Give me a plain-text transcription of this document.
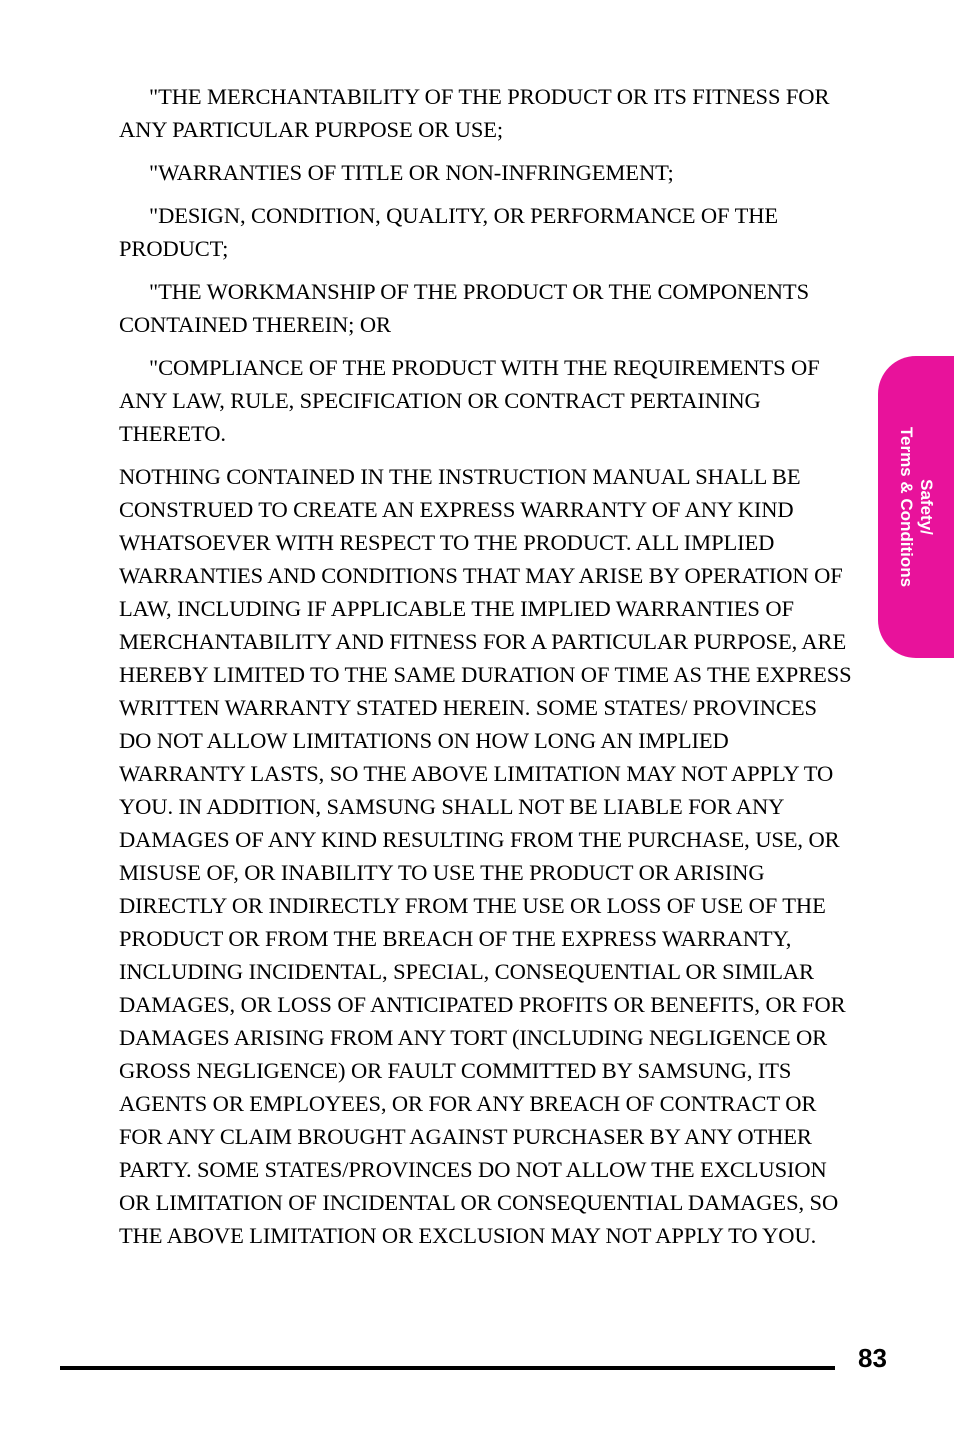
"THE MERCHANTABILITY OF THE PRODUCT OR ITS FITNESS FOR ANY PARTICULAR PURPOSE OR USE;

"WARRANTIES OF TITLE OR NON-INFRINGEMENT;

"DESIGN, CONDITION, QUALITY, OR PERFORMANCE OF THE PRODUCT;

"THE WORKMANSHIP OF THE PRODUCT OR THE COMPONENTS CONTAINED THEREIN; OR

"COMPLIANCE OF THE PRODUCT WITH THE REQUIREMENTS OF ANY LAW, RULE, SPECIFICATION OR CONTRACT PERTAINING THERETO.

NOTHING CONTAINED IN THE INSTRUCTION MANUAL SHALL BE CONSTRUED TO CREATE AN EXPRESS WARRANTY OF ANY KIND WHATSOEVER WITH RESPECT TO THE PRODUCT. ALL IMPLIED WARRANTIES AND CONDITIONS THAT MAY ARISE BY OPERATION OF LAW, INCLUDING IF APPLICABLE THE IMPLIED WARRANTIES OF MERCHANTABILITY AND FITNESS FOR A PARTICULAR PURPOSE, ARE HEREBY LIMITED TO THE SAME DURATION OF TIME AS THE EXPRESS WRITTEN WARRANTY STATED HEREIN. SOME STATES/ PROVINCES DO NOT ALLOW LIMITATIONS ON HOW LONG AN IMPLIED WARRANTY LASTS, SO THE ABOVE LIMITATION MAY NOT APPLY TO YOU. IN ADDITION, SAMSUNG SHALL NOT BE LIABLE FOR ANY DAMAGES OF ANY KIND RESULTING FROM THE PURCHASE, USE, OR MISUSE OF, OR INABILITY TO USE THE PRODUCT OR ARISING DIRECTLY OR INDIRECTLY FROM THE USE OR LOSS OF USE OF THE PRODUCT OR FROM THE BREACH OF THE EXPRESS WARRANTY, INCLUDING INCIDENTAL, SPECIAL, CONSEQUENTIAL OR SIMILAR DAMAGES, OR LOSS OF ANTICIPATED PROFITS OR BENEFITS, OR FOR DAMAGES ARISING FROM ANY TORT (INCLUDING NEGLIGENCE OR GROSS NEGLIGENCE) OR FAULT COMMITTED BY SAMSUNG, ITS AGENTS OR EMPLOYEES, OR FOR ANY BREACH OF CONTRACT OR FOR ANY CLAIM BROUGHT AGAINST PURCHASER BY ANY OTHER PARTY. SOME STATES/PROVINCES DO NOT ALLOW THE EXCLUSION OR LIMITATION OF INCIDENTAL OR CONSEQUENTIAL DAMAGES, SO THE ABOVE LIMITATION OR EXCLUSION MAY NOT APPLY TO YOU.

Safety/
Terms & Conditions
83
